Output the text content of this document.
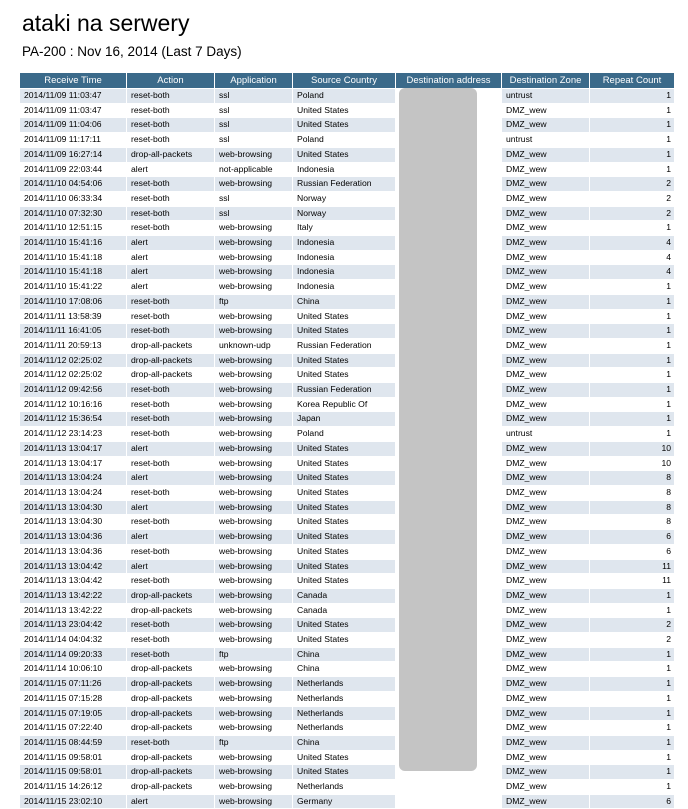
ataki na serwery

PA-200 : Nov 16, 2014 (Last 7 Days)

Receive Time	Action	Application	Source Country	Destination address	Destination Zone	Repeat Count
2014/11/09 11:03:47	reset-both	ssl	Poland		untrust	1
2014/11/09 11:03:47	reset-both	ssl	United States		DMZ_wew	1
2014/11/09 11:04:06	reset-both	ssl	United States		DMZ_wew	1
2014/11/09 11:17:11	reset-both	ssl	Poland		untrust	1
2014/11/09 16:27:14	drop-all-packets	web-browsing	United States		DMZ_wew	1
2014/11/09 22:03:44	alert	not-applicable	Indonesia		DMZ_wew	1
2014/11/10 04:54:06	reset-both	web-browsing	Russian Federation		DMZ_wew	2
2014/11/10 06:33:34	reset-both	ssl	Norway		DMZ_wew	2
2014/11/10 07:32:30	reset-both	ssl	Norway		DMZ_wew	2
2014/11/10 12:51:15	reset-both	web-browsing	Italy		DMZ_wew	1
2014/11/10 15:41:16	alert	web-browsing	Indonesia		DMZ_wew	4
2014/11/10 15:41:18	alert	web-browsing	Indonesia		DMZ_wew	4
2014/11/10 15:41:18	alert	web-browsing	Indonesia		DMZ_wew	4
2014/11/10 15:41:22	alert	web-browsing	Indonesia		DMZ_wew	1
2014/11/10 17:08:06	reset-both	ftp	China		DMZ_wew	1
2014/11/11 13:58:39	reset-both	web-browsing	United States		DMZ_wew	1
2014/11/11 16:41:05	reset-both	web-browsing	United States		DMZ_wew	1
2014/11/11 20:59:13	drop-all-packets	unknown-udp	Russian Federation		DMZ_wew	1
2014/11/12 02:25:02	drop-all-packets	web-browsing	United States		DMZ_wew	1
2014/11/12 02:25:02	drop-all-packets	web-browsing	United States		DMZ_wew	1
2014/11/12 09:42:56	reset-both	web-browsing	Russian Federation		DMZ_wew	1
2014/11/12 10:16:16	reset-both	web-browsing	Korea Republic Of		DMZ_wew	1
2014/11/12 15:36:54	reset-both	web-browsing	Japan		DMZ_wew	1
2014/11/12 23:14:23	reset-both	web-browsing	Poland		untrust	1
2014/11/13 13:04:17	alert	web-browsing	United States		DMZ_wew	10
2014/11/13 13:04:17	reset-both	web-browsing	United States		DMZ_wew	10
2014/11/13 13:04:24	alert	web-browsing	United States		DMZ_wew	8
2014/11/13 13:04:24	reset-both	web-browsing	United States		DMZ_wew	8
2014/11/13 13:04:30	alert	web-browsing	United States		DMZ_wew	8
2014/11/13 13:04:30	reset-both	web-browsing	United States		DMZ_wew	8
2014/11/13 13:04:36	alert	web-browsing	United States		DMZ_wew	6
2014/11/13 13:04:36	reset-both	web-browsing	United States		DMZ_wew	6
2014/11/13 13:04:42	alert	web-browsing	United States		DMZ_wew	11
2014/11/13 13:04:42	reset-both	web-browsing	United States		DMZ_wew	11
2014/11/13 13:42:22	drop-all-packets	web-browsing	Canada		DMZ_wew	1
2014/11/13 13:42:22	drop-all-packets	web-browsing	Canada		DMZ_wew	1
2014/11/13 23:04:42	reset-both	web-browsing	United States		DMZ_wew	2
2014/11/14 04:04:32	reset-both	web-browsing	United States		DMZ_wew	2
2014/11/14 09:20:33	reset-both	ftp	China		DMZ_wew	1
2014/11/14 10:06:10	drop-all-packets	web-browsing	China		DMZ_wew	1
2014/11/15 07:11:26	drop-all-packets	web-browsing	Netherlands		DMZ_wew	1
2014/11/15 07:15:28	drop-all-packets	web-browsing	Netherlands		DMZ_wew	1
2014/11/15 07:19:05	drop-all-packets	web-browsing	Netherlands		DMZ_wew	1
2014/11/15 07:22:40	drop-all-packets	web-browsing	Netherlands		DMZ_wew	1
2014/11/15 08:44:59	reset-both	ftp	China		DMZ_wew	1
2014/11/15 09:58:01	drop-all-packets	web-browsing	United States		DMZ_wew	1
2014/11/15 09:58:01	drop-all-packets	web-browsing	United States		DMZ_wew	1
2014/11/15 14:26:12	drop-all-packets	web-browsing	Netherlands		DMZ_wew	1
2014/11/15 23:02:10	alert	web-browsing	Germany		DMZ_wew	6
